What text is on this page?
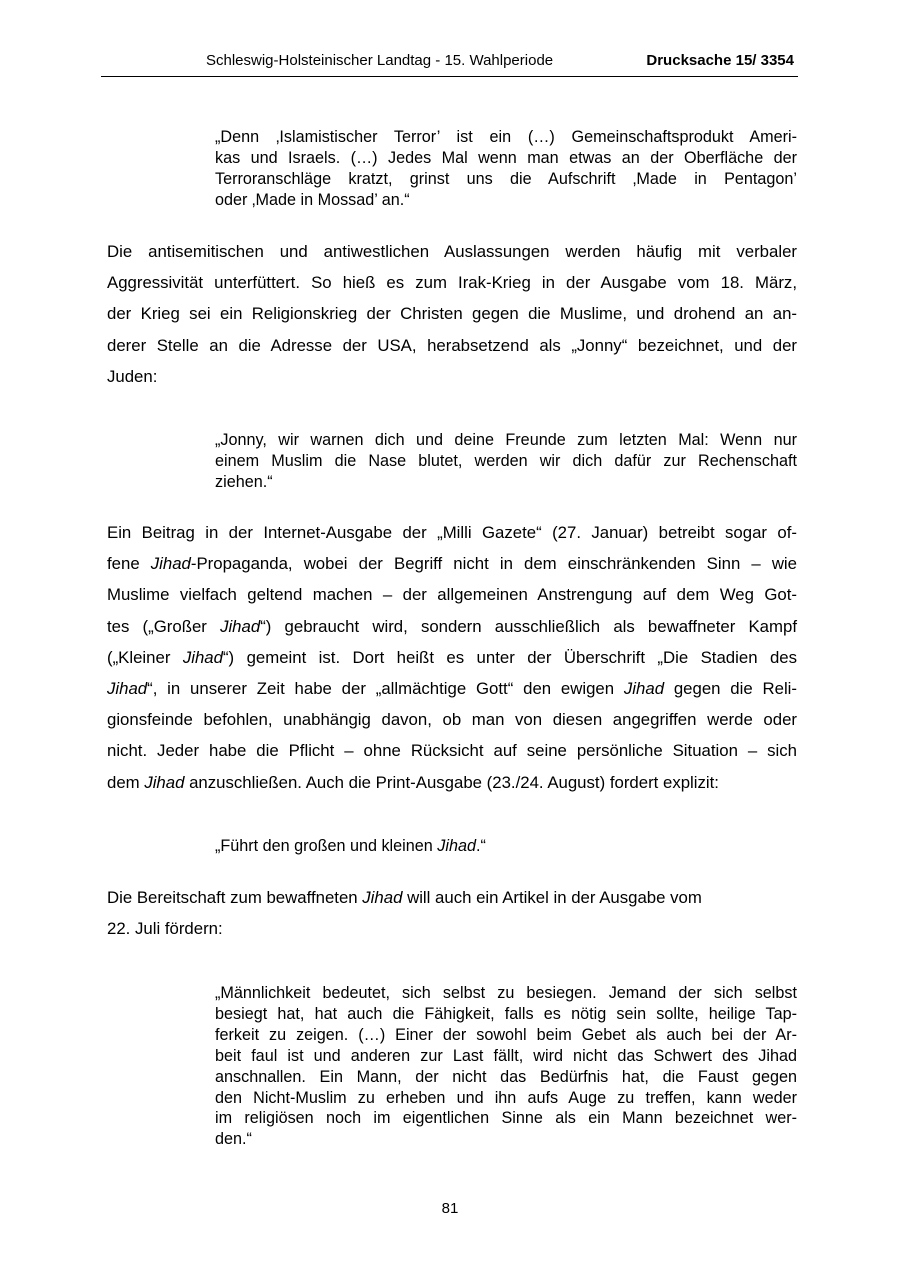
Schleswig-Holsteinischer Landtag - 15. Wahlperiode	Drucksache 15/ 3354
„Denn ‚Islamistischer Terror’ ist ein (…) Gemeinschaftsprodukt Ameri-
kas und Israels. (…) Jedes Mal wenn man etwas an der Oberfläche der
Terroranschläge kratzt, grinst uns die Aufschrift ‚Made in Pentagon’
oder ‚Made in Mossad’ an.“
Die antisemitischen und antiwestlichen Auslassungen werden häufig mit verbaler
Aggressivität unterfüttert. So hieß es zum Irak-Krieg in der Ausgabe vom 18. März,
der Krieg sei ein Religionskrieg der Christen gegen die Muslime, und drohend an an-
derer Stelle an die Adresse der USA, herabsetzend als „Jonny“ bezeichnet, und der
Juden:
„Jonny, wir warnen dich und deine Freunde zum letzten Mal: Wenn nur
einem Muslim die Nase blutet, werden wir dich dafür zur Rechenschaft
ziehen.“
Ein Beitrag in der Internet-Ausgabe der „Milli Gazete“ (27. Januar) betreibt sogar of-
fene Jihad-Propaganda, wobei der Begriff nicht in dem einschränkenden Sinn – wie
Muslime vielfach geltend machen – der allgemeinen Anstrengung auf dem Weg Got-
tes („Großer Jihad“) gebraucht wird, sondern ausschließlich als bewaffneter Kampf
(„Kleiner Jihad“) gemeint ist. Dort heißt es unter der Überschrift „Die Stadien des
Jihad“, in unserer Zeit habe der „allmächtige Gott“ den ewigen Jihad gegen die Reli-
gionsfeinde befohlen, unabhängig davon, ob man von diesen angegriffen werde oder
nicht. Jeder habe die Pflicht – ohne Rücksicht auf seine persönliche Situation – sich
dem Jihad anzuschließen. Auch die Print-Ausgabe (23./24. August) fordert explizit:
„Führt den großen und kleinen Jihad.“
Die Bereitschaft zum bewaffneten Jihad will auch ein Artikel in der Ausgabe vom
22. Juli fördern:
„Männlichkeit bedeutet, sich selbst zu besiegen. Jemand der sich selbst
besiegt hat, hat auch die Fähigkeit, falls es nötig sein sollte, heilige Tap-
ferkeit zu zeigen. (…) Einer der sowohl beim Gebet als auch bei der Ar-
beit faul ist und anderen zur Last fällt, wird nicht das Schwert des Jihad
anschnallen. Ein Mann, der nicht das Bedürfnis hat, die Faust gegen
den Nicht-Muslim zu erheben und ihn aufs Auge zu treffen, kann weder
im religiösen noch im eigentlichen Sinne als ein Mann bezeichnet wer-
den.“
81
